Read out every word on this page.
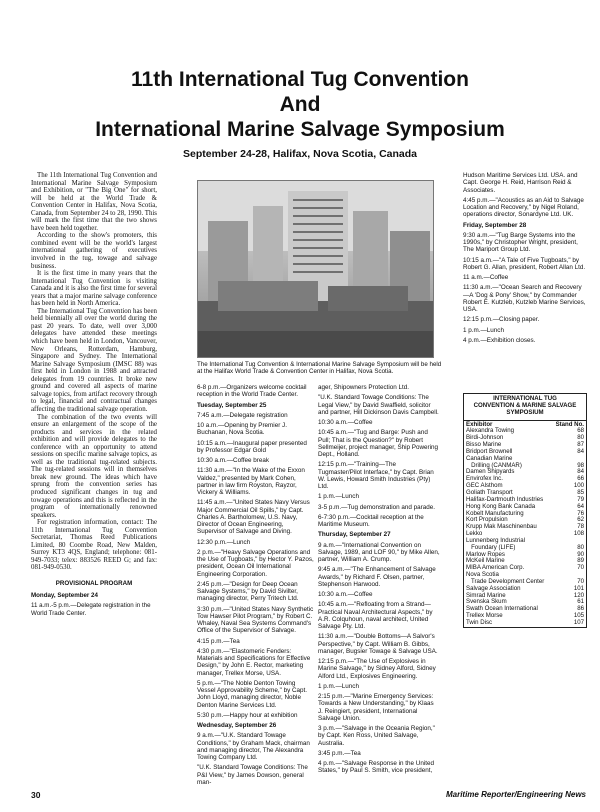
11th International Tug Convention
And
International Marine Salvage Symposium
September 24-28, Halifax, Nova Scotia, Canada

The 11th International Tug Convention and International Marine Salvage Symposium and Exhibition, or "The Big One" for short, will be held at the World Trade & Convention Center in Halifax, Nova Scotia, Canada, from September 24 to 28, 1990. This will mark the first time that the two shows have been held together.

According to the show's promoters, this combined event will be the world's largest international gathering of executives involved in the tug, towage and salvage business.

It is the first time in many years that the International Tug Convention is visiting Canada and it is also the first time for several years that a major marine salvage conference has been held in North America.

The International Tug Convention has been held biennially all over the world during the past 20 years. To date, well over 3,000 delegates have attended these meetings which have been held in London, Vancouver, New Orleans, Rotterdam, Hamburg, Singapore and Sydney. The International Marine Salvage Symposium (IMSC 88) was first held in London in 1988 and attracted delegates from 19 countries. It broke new ground and covered all aspects of marine salvage topics, from artifact recovery through to legal, financial and contractual changes affecting the traditional salvage operation.

The combination of the two events will ensure an enlargement of the scope of the products and services in the related exhibition and will provide delegates to the conference with an opportunity to attend sessions on specific marine salvage topics, as well as the traditional tug-related subjects. The tug-related sessions will in themselves break new ground. The ideas which have sprung from the convention series has produced significant changes in tug and towage operations and this is reflected in the program of internationally renowned speakers.

For registration information, contact: The 11th International Tug Convention Secretariat, Thomas Reed Publications Limited, 80 Coombe Road, New Malden, Surrey KT3 4QS, England; telephone: 081-949-7033; telex: 883526 REED G; and fax: 081-949-0530.

PROVISIONAL PROGRAM

Monday, September 24

11 a.m.-5 p.m.—Delegate registration in the World Trade Center.

The International Tug Convention & International Marine Salvage Symposium will be held at the Halifax World Trade & Convention Center in Halifax, Nova Scotia.

6-8 p.m.—Organizers welcome cocktail reception in the World Trade Center.

Tuesday, September 25

7:45 a.m.—Delegate registration

10 a.m.—Opening by Premier J. Buchanan, Nova Scotia.

10:15 a.m.—Inaugural paper presented by Professor Edgar Gold

10:30 a.m.—Coffee break

11:30 a.m.—"In the Wake of the Exxon Valdez," presented by Mark Cohen, partner in law firm Royston, Rayzor, Vickery & Williams.

11:45 a.m.—"United States Navy Versus Major Commercial Oil Spills," by Capt. Charles A. Bartholomew, U.S. Navy, Director of Ocean Engineering, Supervisor of Salvage and Diving.

12:30 p.m.—Lunch

2 p.m.—"Heavy Salvage Operations and the Use of Tugboats," by Hector Y. Pazos, president, Ocean Oil International Engineering Corporation.

2:45 p.m.—"Design for Deep Ocean Salvage Systems," by David Sivilter, managing director, Perry Tritech Ltd.

3:30 p.m.—"United States Navy Synthetic Tow Hawser Pilot Program," by Robert C. Whaley, Naval Sea Systems Command's Office of the Supervisor of Salvage.

4:15 p.m.—Tea

4:30 p.m.—"Elastomeric Fenders: Materials and Specifications for Effective Design," by John E. Rector, marketing manager, Trelleх Morse, USA.

5 p.m.—"The Noble Denton Towing Vessel Approvability Scheme," by Capt. John Lloyd, managing director, Noble Denton Marine Services Ltd.

5:30 p.m.—Happy hour at exhibition

Wednesday, September 26

9 a.m.—"U.K. Standard Towage Conditions," by Graham Mack, chairman and managing director, The Alexandra Towing Company Ltd.

"U.K. Standard Towage Conditions: The P&I View," by James Dowson, general man-

ager, Shipowners Protection Ltd.

"U.K. Standard Towage Conditions: The Legal View," by David Swaffield, solicitor and partner, Hill Dickinson Davis Campbell.

10:30 a.m.—Coffee

10:45 a.m.—"Tug and Barge: Push and Pull; That is the Question?" by Robert Sellmeijer, project manager, Ship Powering Dept., Holland.

12:15 p.m.—"Training—The Tugmaster/Pilot Interface," by Capt. Brian W. Lewis, Howard Smith Industries (Pty) Ltd.

1 p.m.—Lunch

3-5 p.m.—Tug demonstration and parade.

6-7:30 p.m.—Cocktail reception at the Maritime Museum.

Thursday, September 27

9 a.m.—"International Convention on Salvage, 1989, and LOF 90," by Mike Allen, partner, William A. Crump.

9:45 a.m.—"The Enhancement of Salvage Awards," by Richard F. Olsen, partner, Stephenson Harwood.

10:30 a.m.—Coffee

10:45 a.m.—"Refloating from a Strand—Practical Naval Architectural Aspects," by A.R. Colquhoun, naval architect, United Salvage Pty. Ltd.

11:30 a.m.—"Double Bottoms—A Salvor's Perspective," by Capt. William B. Gibbs, manager, Bugsier Towage & Salvage USA.

12:15 p.m.—"The Use of Explosives in Marine Salvage," by Sidney Alford, Sidney Alford Ltd., Explosives Engineering.

1 p.m.—Lunch

2:15 p.m.—"Marine Emergency Services: Towards a New Understanding," by Klaas J. Reingiert, president, International Salvage Union.

3 p.m.—"Salvage in the Oceania Region," by Capt. Ken Ross, United Salvage, Australia.

3:45 p.m.—Tea

4 p.m.—"Salvage Response in the United States," by Paul S. Smith, vice president,

Hudson Maritime Services Ltd. USA. and Capt. George H. Reid, Harrison Reid & Associates.

4:45 p.m.—"Acoustics as an Aid to Salvage Location and Recovery," by Nigel Roland, operations director, Sonardyne Ltd. UK.

Friday, September 28

9:30 a.m.—"Tug Barge Systems into the 1990s," by Christopher Wright, president, The Mariport Group Ltd.

10:15 a.m.—"A Tale of Five Tugboats," by Robert G. Allan, president, Robert Allan Ltd.

11 a.m.—Coffee

11:30 a.m.—"Ocean Search and Recovery—A 'Dog & Pony' Show," by Commander Robert E. Kutzleb, Kutzleb Marine Services, USA.

12:15 p.m.—Closing paper.

1 p.m.—Lunch

4 p.m.—Exhibition closes.

INTERNATIONAL TUG
CONVENTION & MARINE SALVAGE
SYMPOSIUM
Exhibitor	Stand No.
Alexandra Towing	68
Birdi-Johnson	80
Bisso Marine	87
Bridport Brownell	84
Canadian Marine
Drilling (CANMAR)	98
Damen Shipyards	84
Envirofex Inc.	66
GEC Alsthom	100
Goliath Transport	85
Halifax-Dartmouth Industries	79
Hong Kong Bank Canada	64
Kobelt Manufacturing	76
Kort Propulsion	62
Krupp Mak Maschinenbau	78
Lekko	108
Lunnenberg Industrial
Foundary (LIFE)	80
Marlow Ropes	90
McKeil Marine	89
MIBA American Corp.	70
Nova Scotia
Trade Development Center	70
Salvage Association	101
Simrad Marine	120
Svenska Skum	61
Swath Ocean International	86
Trellex Morse	105
Twin Disc	107
30	Maritime Reporter/Engineering News
